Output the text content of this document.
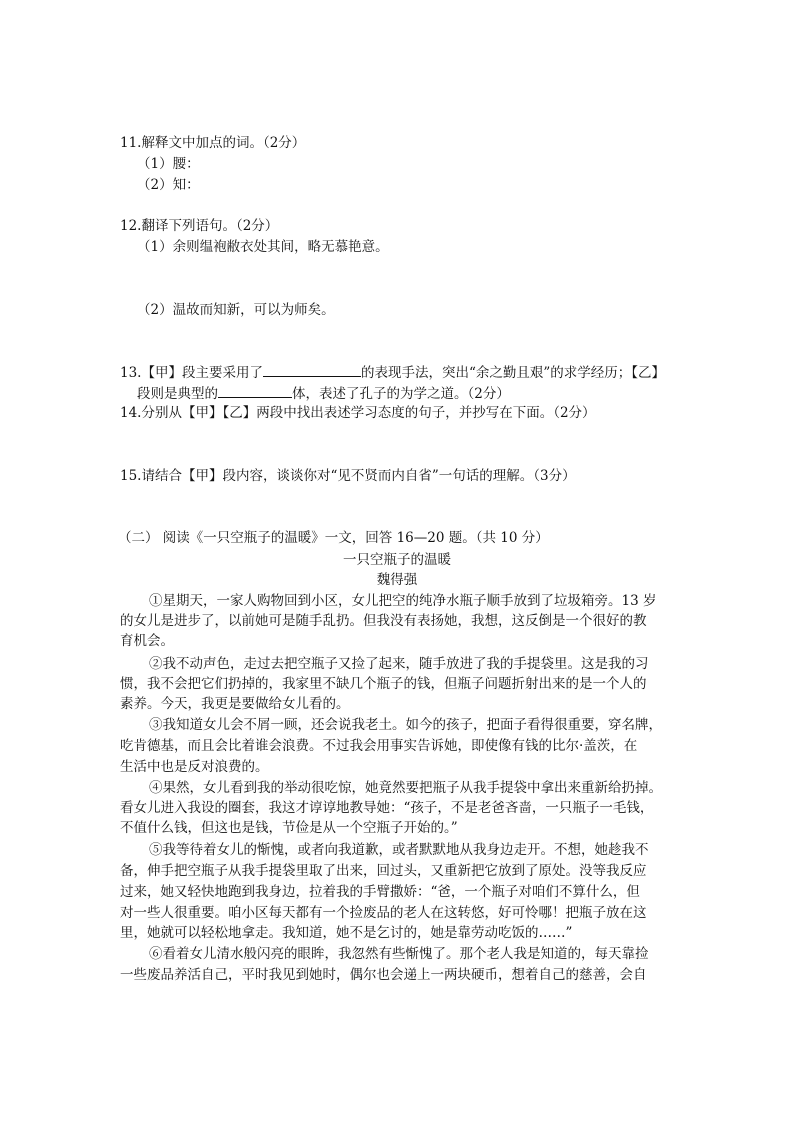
11.解释文中加点的词。（2分）
（1）腰：
（2）知：
12.翻译下列语句。（2分）
（1）余则缊袍敝衣处其间，略无慕艳意。
（2）温故而知新，可以为师矣。
13.【甲】段主要采用了	的表现手法，突出“余之勤且艰”的求学经历；【乙】
段则是典型的	体，表述了孔子的为学之道。（2分）
14.分别从【甲】【乙】两段中找出表述学习态度的句子，并抄写在下面。（2分）
15.请结合【甲】段内容，谈谈你对“见不贤而内自省”一句话的理解。（3分）
（二） 阅读《一只空瓶子的温暖》一文，回答 16—20 题。（共 10 分）
一只空瓶子的温暖
魏得强
①星期天，一家人购物回到小区，女儿把空的纯净水瓶子顺手放到了垃圾箱旁。13 岁
的女儿是进步了，以前她可是随手乱扔。但我没有表扬她，我想，这反倒是一个很好的教
育机会。
②我不动声色，走过去把空瓶子又捡了起来，随手放进了我的手提袋里。这是我的习
惯，我不会把它们扔掉的，我家里不缺几个瓶子的钱，但瓶子问题折射出来的是一个人的
素养。今天，我更是要做给女儿看的。
③我知道女儿会不屑一顾，还会说我老土。如今的孩子，把面子看得很重要，穿名牌，
吃肯德基，而且会比着谁会浪费。不过我会用事实告诉她，即使像有钱的比尔·盖茨，在
生活中也是反对浪费的。
④果然，女儿看到我的举动很吃惊，她竟然要把瓶子从我手提袋中拿出来重新给扔掉。
看女儿进入我设的圈套，我这才谆谆地教导她：“孩子，不是老爸吝啬，一只瓶子一毛钱，
不值什么钱，但这也是钱，节俭是从一个空瓶子开始的。”
⑤我等待着女儿的惭愧，或者向我道歉，或者默默地从我身边走开。不想，她趁我不
备，伸手把空瓶子从我手提袋里取了出来，回过头，又重新把它放到了原处。没等我反应
过来，她又轻快地跑到我身边，拉着我的手臂撒娇：“爸，一个瓶子对咱们不算什么，但
对一些人很重要。咱小区每天都有一个捡废品的老人在这转悠，好可怜哪！把瓶子放在这
里，她就可以轻松地拿走。我知道，她不是乞讨的，她是靠劳动吃饭的……”
⑥看着女儿清水般闪亮的眼眸，我忽然有些惭愧了。那个老人我是知道的，每天靠捡
一些废品养活自己，平时我见到她时，偶尔也会递上一两块硬币，想着自己的慈善，会自
